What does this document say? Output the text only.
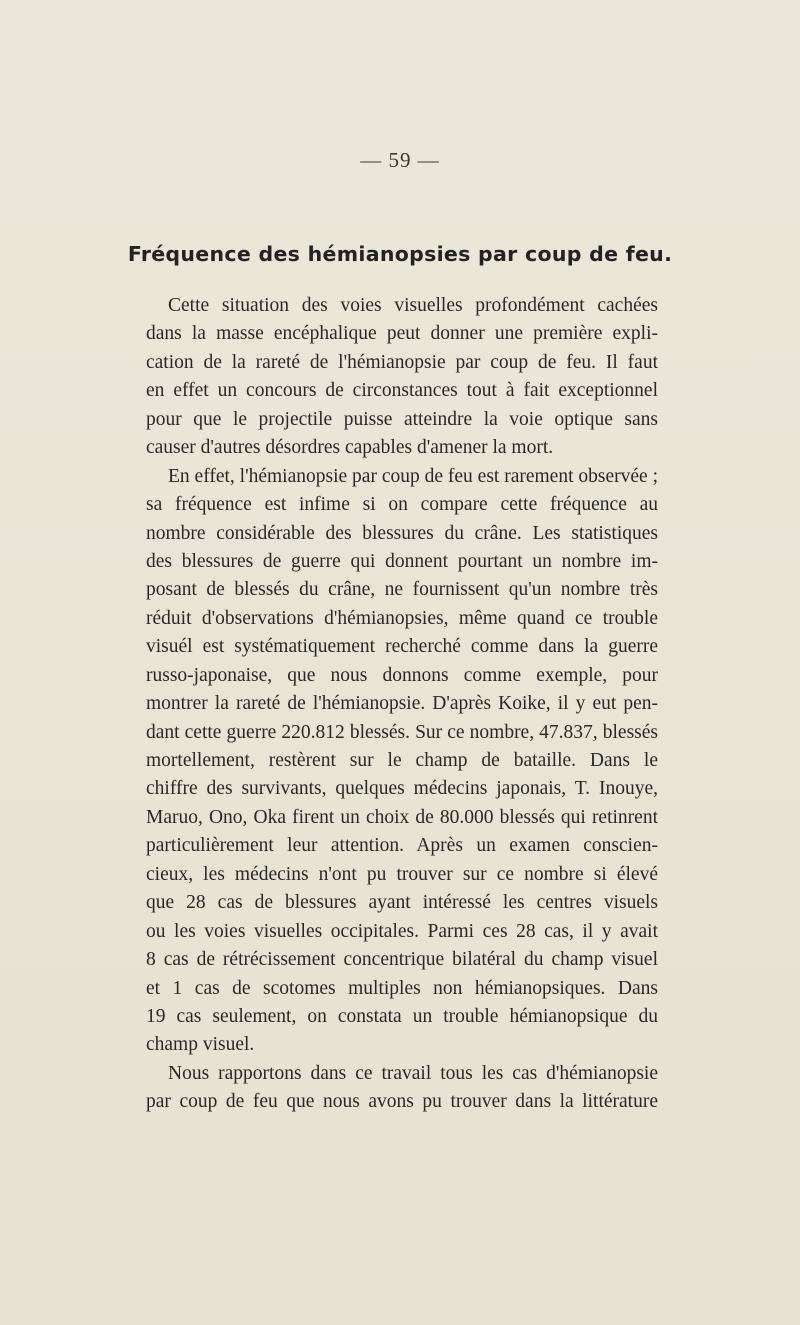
— 59 —
Fréquence des hémianopsies par coup de feu.
Cette situation des voies visuelles profondément cachées
dans la masse encéphalique peut donner une première expli-
cation de la rareté de l'hémianopsie par coup de feu. Il faut
en effet un concours de circonstances tout à fait exceptionnel
pour que le projectile puisse atteindre la voie optique sans
causer d'autres désordres capables d'amener la mort.
En effet, l'hémianopsie par coup de feu est rarement observée ;
sa fréquence est infime si on compare cette fréquence au
nombre considérable des blessures du crâne. Les statistiques
des blessures de guerre qui donnent pourtant un nombre im-
posant de blessés du crâne, ne fournissent qu'un nombre très
réduit d'observations d'hémianopsies, même quand ce trouble
visuél est systématiquement recherché comme dans la guerre
russo-japonaise, que nous donnons comme exemple, pour
montrer la rareté de l'hémianopsie. D'après Koike, il y eut pen-
dant cette guerre 220.812 blessés. Sur ce nombre, 47.837, blessés
mortellement, restèrent sur le champ de bataille. Dans le
chiffre des survivants, quelques médecins japonais, T. Inouye,
Maruo, Ono, Oka firent un choix de 80.000 blessés qui retinrent
particulièrement leur attention. Après un examen conscien-
cieux, les médecins n'ont pu trouver sur ce nombre si élevé
que 28 cas de blessures ayant intéressé les centres visuels
ou les voies visuelles occipitales. Parmi ces 28 cas, il y avait
8 cas de rétrécissement concentrique bilatéral du champ visuel
et 1 cas de scotomes multiples non hémianopsiques. Dans
19 cas seulement, on constata un trouble hémianopsique du
champ visuel.
Nous rapportons dans ce travail tous les cas d'hémianopsie
par coup de feu que nous avons pu trouver dans la littérature
